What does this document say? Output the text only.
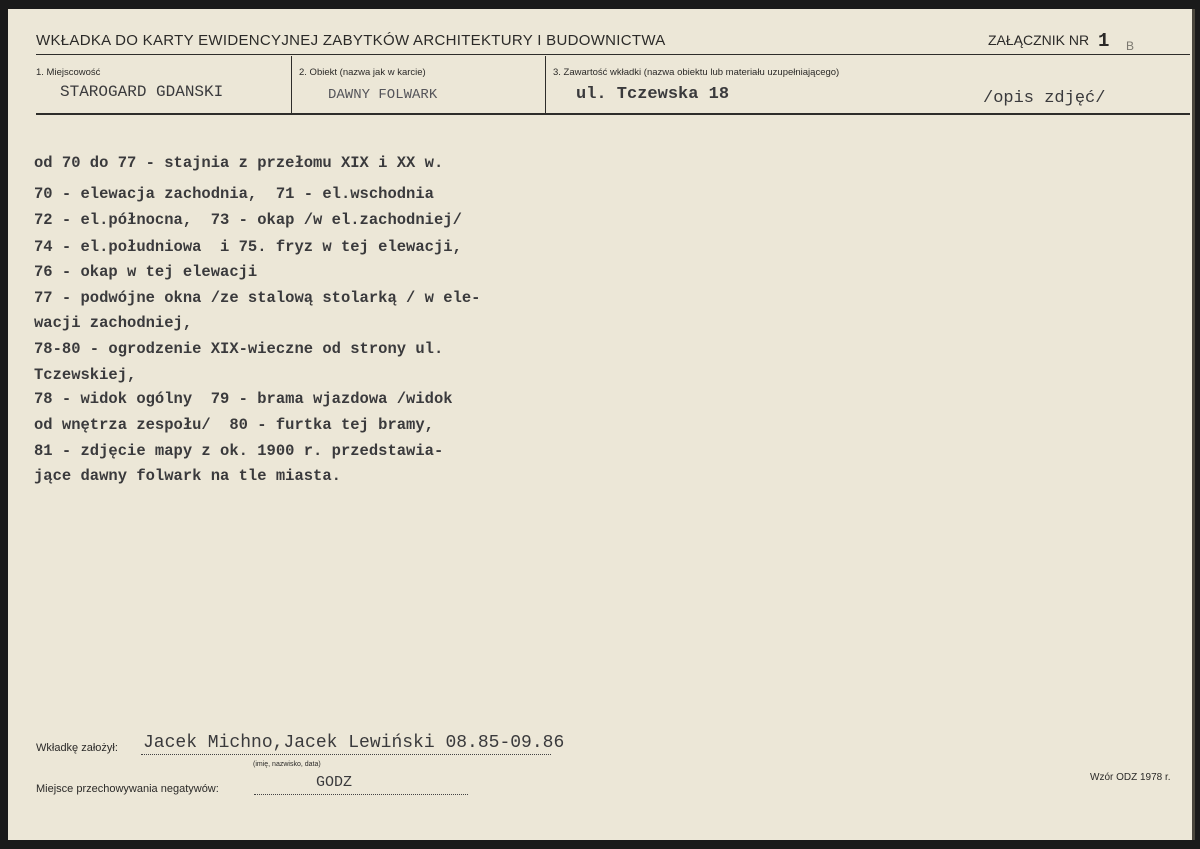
WKŁADKA DO KARTY EWIDENCYJNEJ ZABYTKÓW ARCHITEKTURY I BUDOWNICTWA	ZAŁĄCZNIK NR 1 B
1. Miejscowość	2. Obiekt (nazwa jak w karcie)	3. Zawartość wkładki (nazwa obiektu lub materiału uzupełniającego)
STAROGARD GDANSKI	DAWNY FOLWARK	ul. Tczewska 18	/opis zdjęć/
od 70 do 77 - stajnia z przełomu XIX i XX w.
70 - elewacja zachodnia,  71 - el.wschodnia
72 - el.północna,  73 - okap /w el.zachodniej/
74 - el.południowa  i 75. fryz w tej elewacji,
76 - okap w tej elewacji
77 - podwójne okna /ze stalową stolarką / w ele-
wacji zachodniej,
78-80 - ogrodzenie XIX-wieczne od strony ul.
Tczewskiej,
78 - widok ogólny  79 - brama wjazdowa /widok
od wnętrza zespołu/  80 - furtka tej bramy,
81 - zdjęcie mapy z ok. 1900 r. przedstawia-
jące dawny folwark na tle miasta.
Wkładkę założył: Jacek Michno,Jacek Lewiński 08.85-09.86
(imię, nazwisko, data)
Miejsce przechowywania negatywów:	GODZ	Wzór ODZ 1978 r.
